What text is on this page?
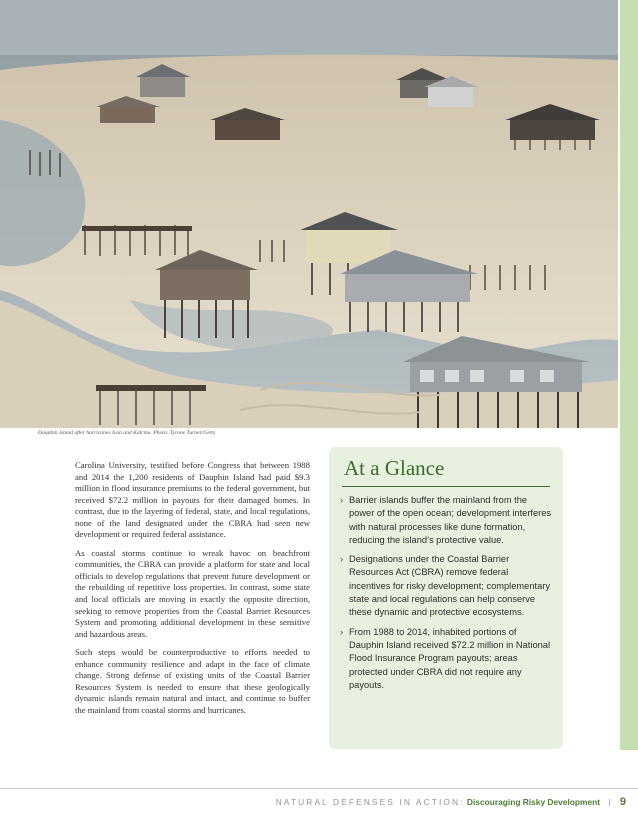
Dauphin Island after hurricanes Ivan and Katrina. Photo: Tyrone Turner/Getty

Carolina University, testified before Congress that between 1988 and 2014 the 1,200 residents of Dauphin Island had paid $9.3 million in flood insurance premiums to the federal government, but received $72.2 million in payouts for their damaged homes. In contrast, due to the layering of federal, state, and local regulations, none of the land designated under the CBRA had seen new development or required federal assistance.

As coastal storms continue to wreak havoc on beachfront communities, the CBRA can provide a platform for state and local officials to develop regulations that prevent future development or the rebuilding of repetitive loss properties. In contrast, some state and local officials are moving in exactly the opposite direction, seeking to remove properties from the Coastal Barrier Resources System and promoting additional development in these sensitive and hazardous areas.

Such steps would be counterproductive to efforts needed to enhance community resilience and adapt in the face of climate change. Strong defense of existing units of the Coastal Barrier Resources System is needed to ensure that these geologically dynamic islands remain natural and intact, and continue to buffer the mainland from coastal storms and hurricanes.

At a Glance
› Barrier islands buffer the mainland from the power of the open ocean; development interferes with natural processes like dune formation, reducing the island’s protective value.
› Designations under the Coastal Barrier Resources Act (CBRA) remove federal incentives for risky development; complementary state and local regulations can help conserve these dynamic and protective ecosystems.
› From 1988 to 2014, inhabited portions of Dauphin Island received $72.2 million in National Flood Insurance Program payouts; areas protected under CBRA did not require any payouts.
NATURAL DEFENSES IN ACTION: Discouraging Risky Development | 9
